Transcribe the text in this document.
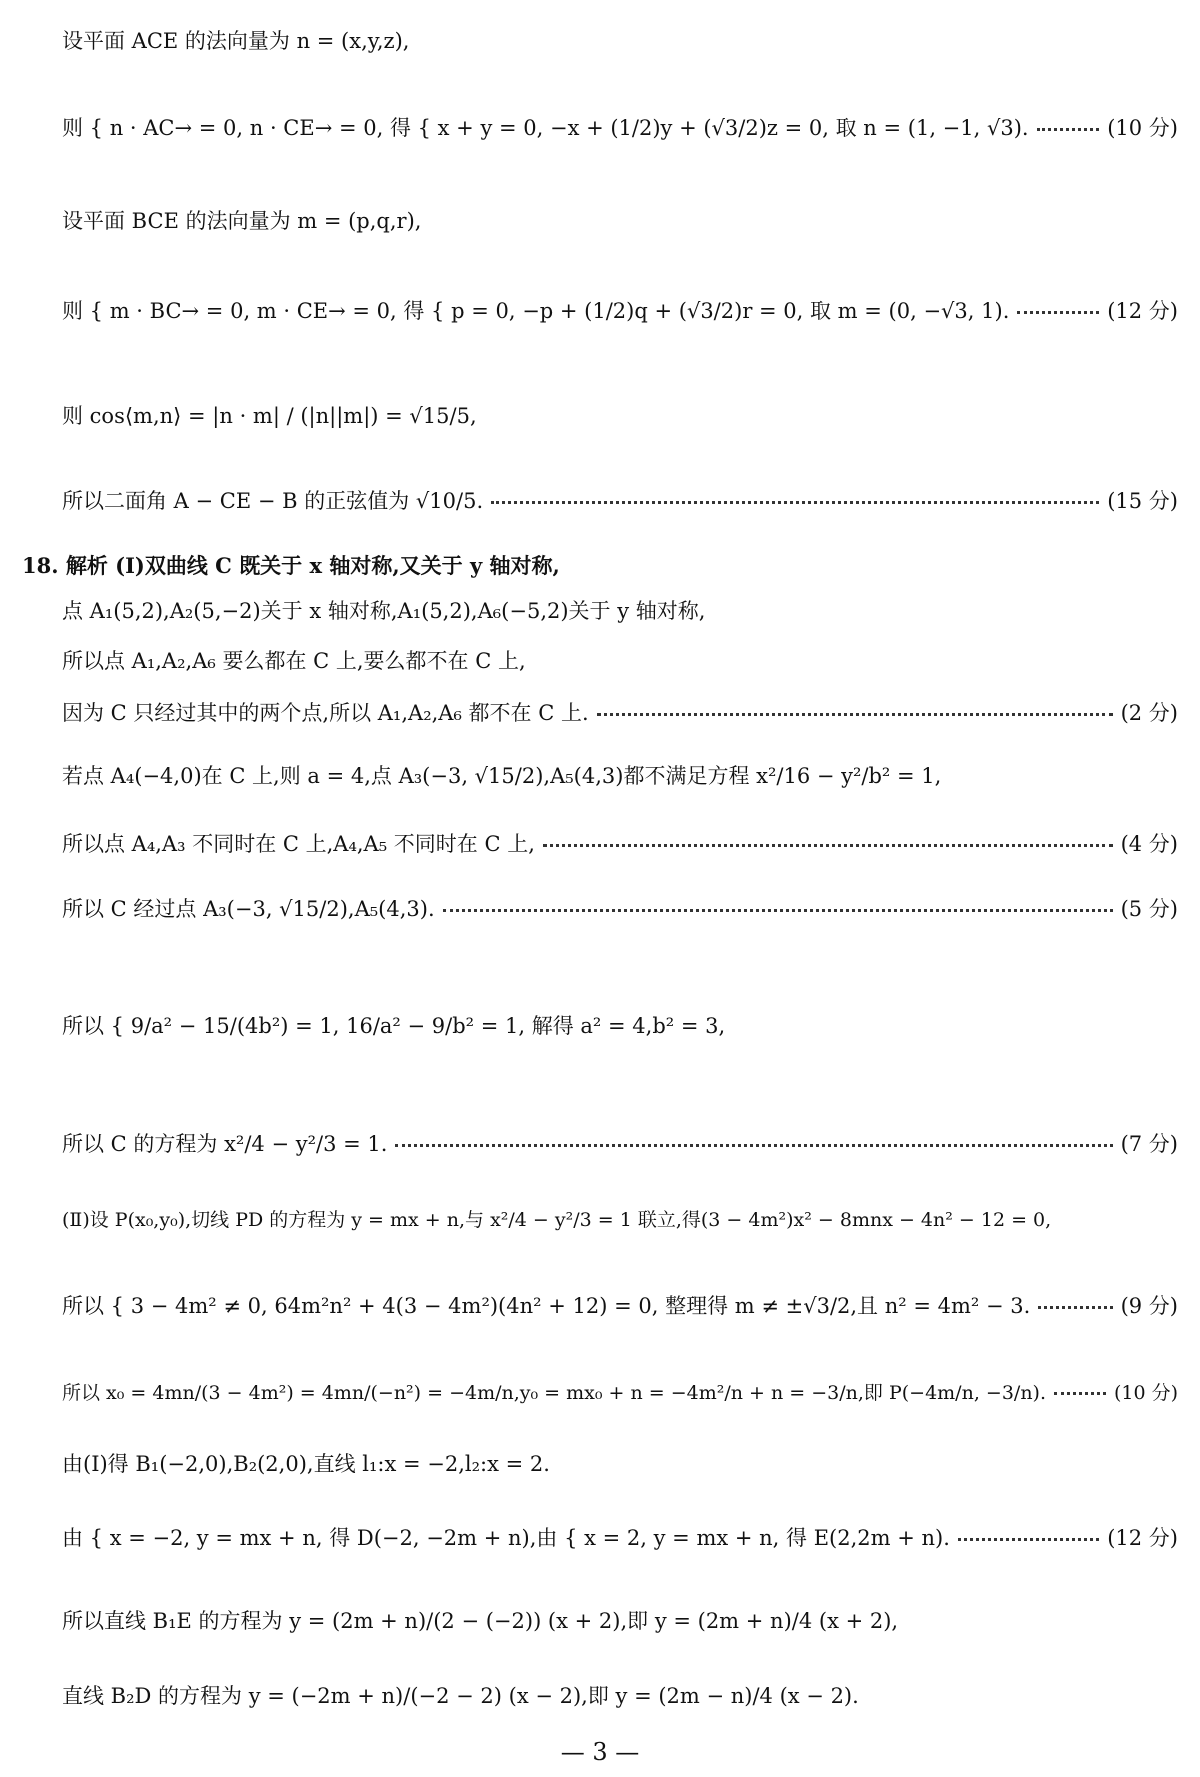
设平面 ACE 的法向量为 n = (x,y,z),
则 { n · AC→ = 0, n · CE→ = 0, 得 { x + y = 0, −x + (1/2)y + (√3/2)z = 0, 取 n = (1, −1, √3).	(10 分)
设平面 BCE 的法向量为 m = (p,q,r),
则 { m · BC→ = 0, m · CE→ = 0, 得 { p = 0, −p + (1/2)q + (√3/2)r = 0, 取 m = (0, −√3, 1).	(12 分)
则 cos⟨m,n⟩ = |n · m| / (|n||m|) = √15/5,
所以二面角 A − CE − B 的正弦值为 √10/5.	(15 分)
18. 解析 (Ⅰ)双曲线 C 既关于 x 轴对称,又关于 y 轴对称,
点 A₁(5,2),A₂(5,−2)关于 x 轴对称,A₁(5,2),A₆(−5,2)关于 y 轴对称,
所以点 A₁,A₂,A₆ 要么都在 C 上,要么都不在 C 上,
因为 C 只经过其中的两个点,所以 A₁,A₂,A₆ 都不在 C 上.	(2 分)
若点 A₄(−4,0)在 C 上,则 a = 4,点 A₃(−3, √15/2),A₅(4,3)都不满足方程 x²/16 − y²/b² = 1,
所以点 A₄,A₃ 不同时在 C 上,A₄,A₅ 不同时在 C 上,	(4 分)
所以 C 经过点 A₃(−3, √15/2),A₅(4,3).	(5 分)
所以 { 9/a² − 15/(4b²) = 1, 16/a² − 9/b² = 1, 解得 a² = 4,b² = 3,
所以 C 的方程为 x²/4 − y²/3 = 1.	(7 分)
(Ⅱ)设 P(x₀,y₀),切线 PD 的方程为 y = mx + n,与 x²/4 − y²/3 = 1 联立,得(3 − 4m²)x² − 8mnx − 4n² − 12 = 0,
所以 { 3 − 4m² ≠ 0, 64m²n² + 4(3 − 4m²)(4n² + 12) = 0, 整理得 m ≠ ±√3/2,且 n² = 4m² − 3.	(9 分)
所以 x₀ = 4mn/(3 − 4m²) = 4mn/(−n²) = −4m/n,y₀ = mx₀ + n = −4m²/n + n = −3/n,即 P(−4m/n, −3/n).	(10 分)
由(Ⅰ)得 B₁(−2,0),B₂(2,0),直线 l₁:x = −2,l₂:x = 2.
由 { x = −2, y = mx + n, 得 D(−2, −2m + n),由 { x = 2, y = mx + n, 得 E(2,2m + n).	(12 分)
所以直线 B₁E 的方程为 y = (2m + n)/(2 − (−2)) (x + 2),即 y = (2m + n)/4 (x + 2),
直线 B₂D 的方程为 y = (−2m + n)/(−2 − 2) (x − 2),即 y = (2m − n)/4 (x − 2).
— 3 —
